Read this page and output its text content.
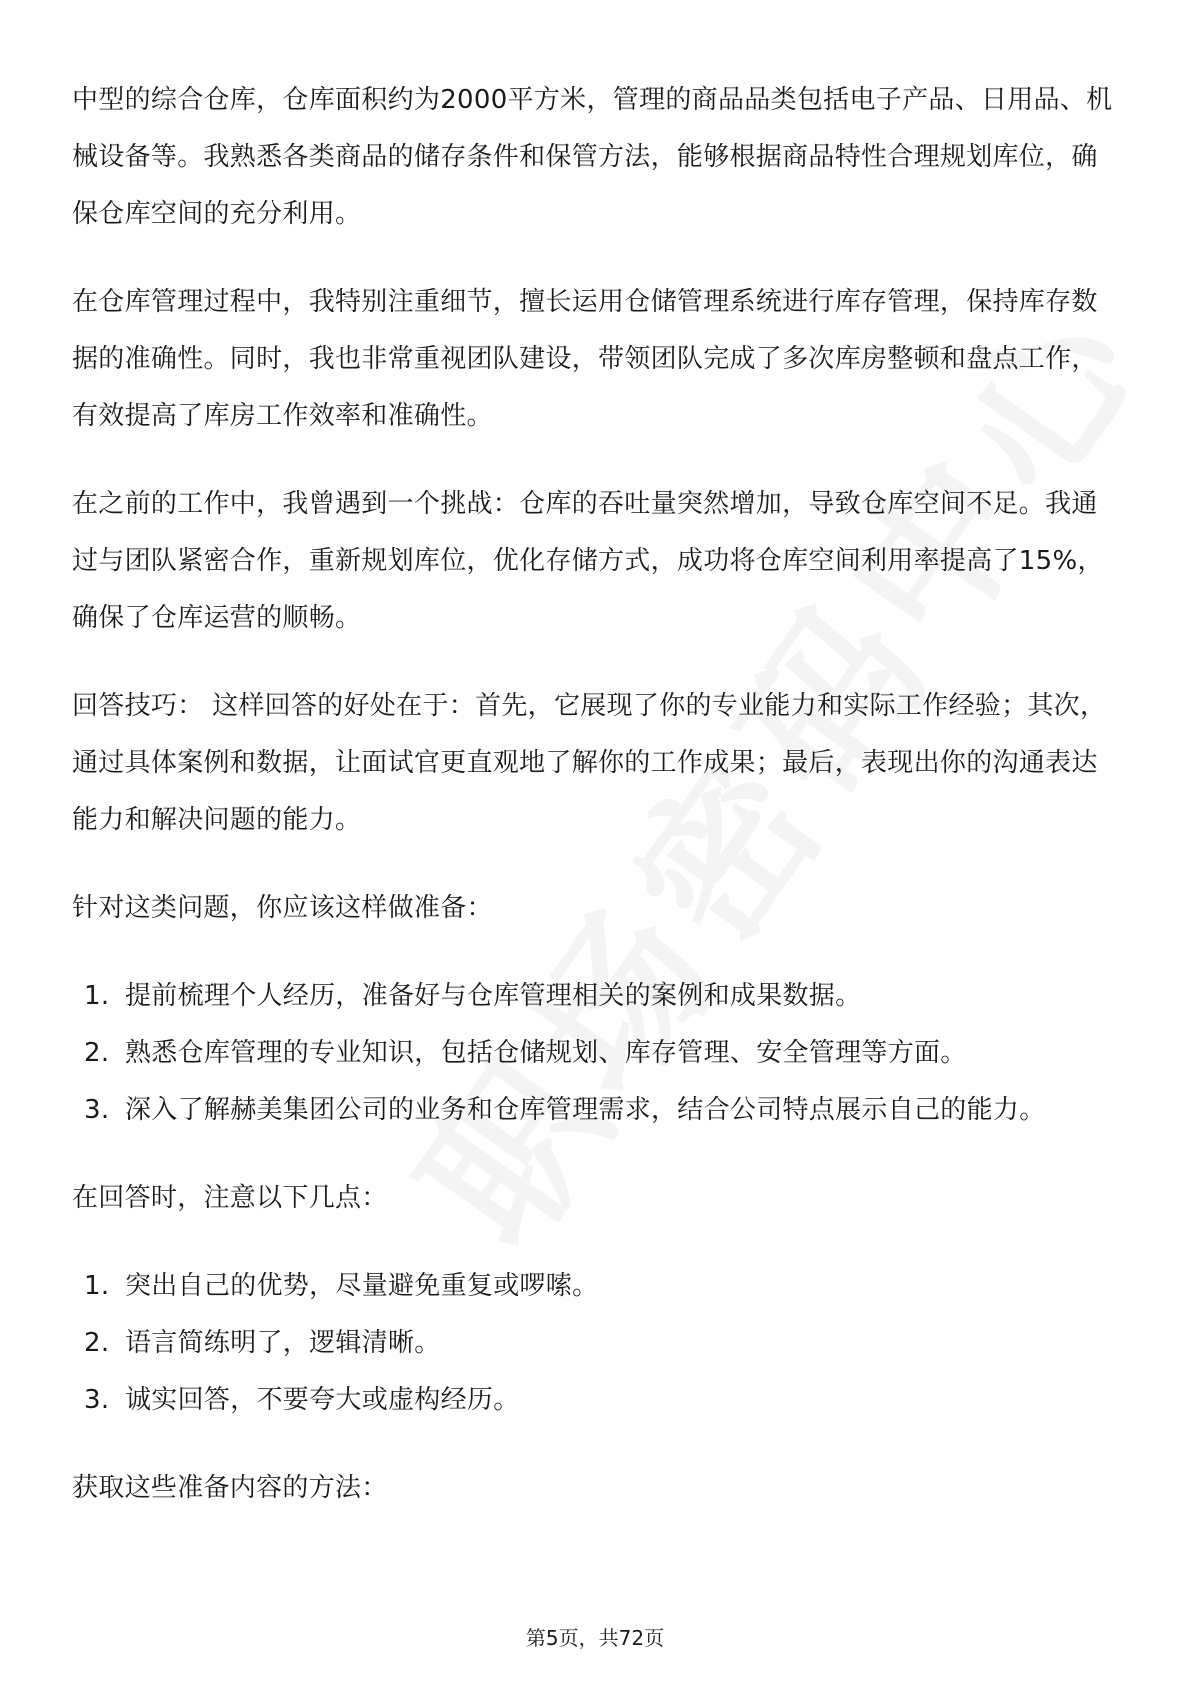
中型的综合仓库，仓库面积约为2000平方米，管理的商品品类包括电子产品、日用品、机械设备等。我熟悉各类商品的储存条件和保管方法，能够根据商品特性合理规划库位，确保仓库空间的充分利用。

在仓库管理过程中，我特别注重细节，擅长运用仓储管理系统进行库存管理，保持库存数据的准确性。同时，我也非常重视团队建设，带领团队完成了多次库房整顿和盘点工作，有效提高了库房工作效率和准确性。

在之前的工作中，我曾遇到一个挑战：仓库的吞吐量突然增加，导致仓库空间不足。我通过与团队紧密合作，重新规划库位，优化存储方式，成功将仓库空间利用率提高了15%，确保了仓库运营的顺畅。

回答技巧： 这样回答的好处在于：首先，它展现了你的专业能力和实际工作经验；其次，通过具体案例和数据，让面试官更直观地了解你的工作成果；最后，表现出你的沟通表达能力和解决问题的能力。

针对这类问题，你应该这样做准备：

1. 提前梳理个人经历，准备好与仓库管理相关的案例和成果数据。
2. 熟悉仓库管理的专业知识，包括仓储规划、库存管理、安全管理等方面。
3. 深入了解赫美集团公司的业务和仓库管理需求，结合公司特点展示自己的能力。

在回答时，注意以下几点：

1. 突出自己的优势，尽量避免重复或啰嗦。
2. 语言简练明了，逻辑清晰。
3. 诚实回答，不要夸大或虚构经历。

获取这些准备内容的方法：

第5页，共72页
